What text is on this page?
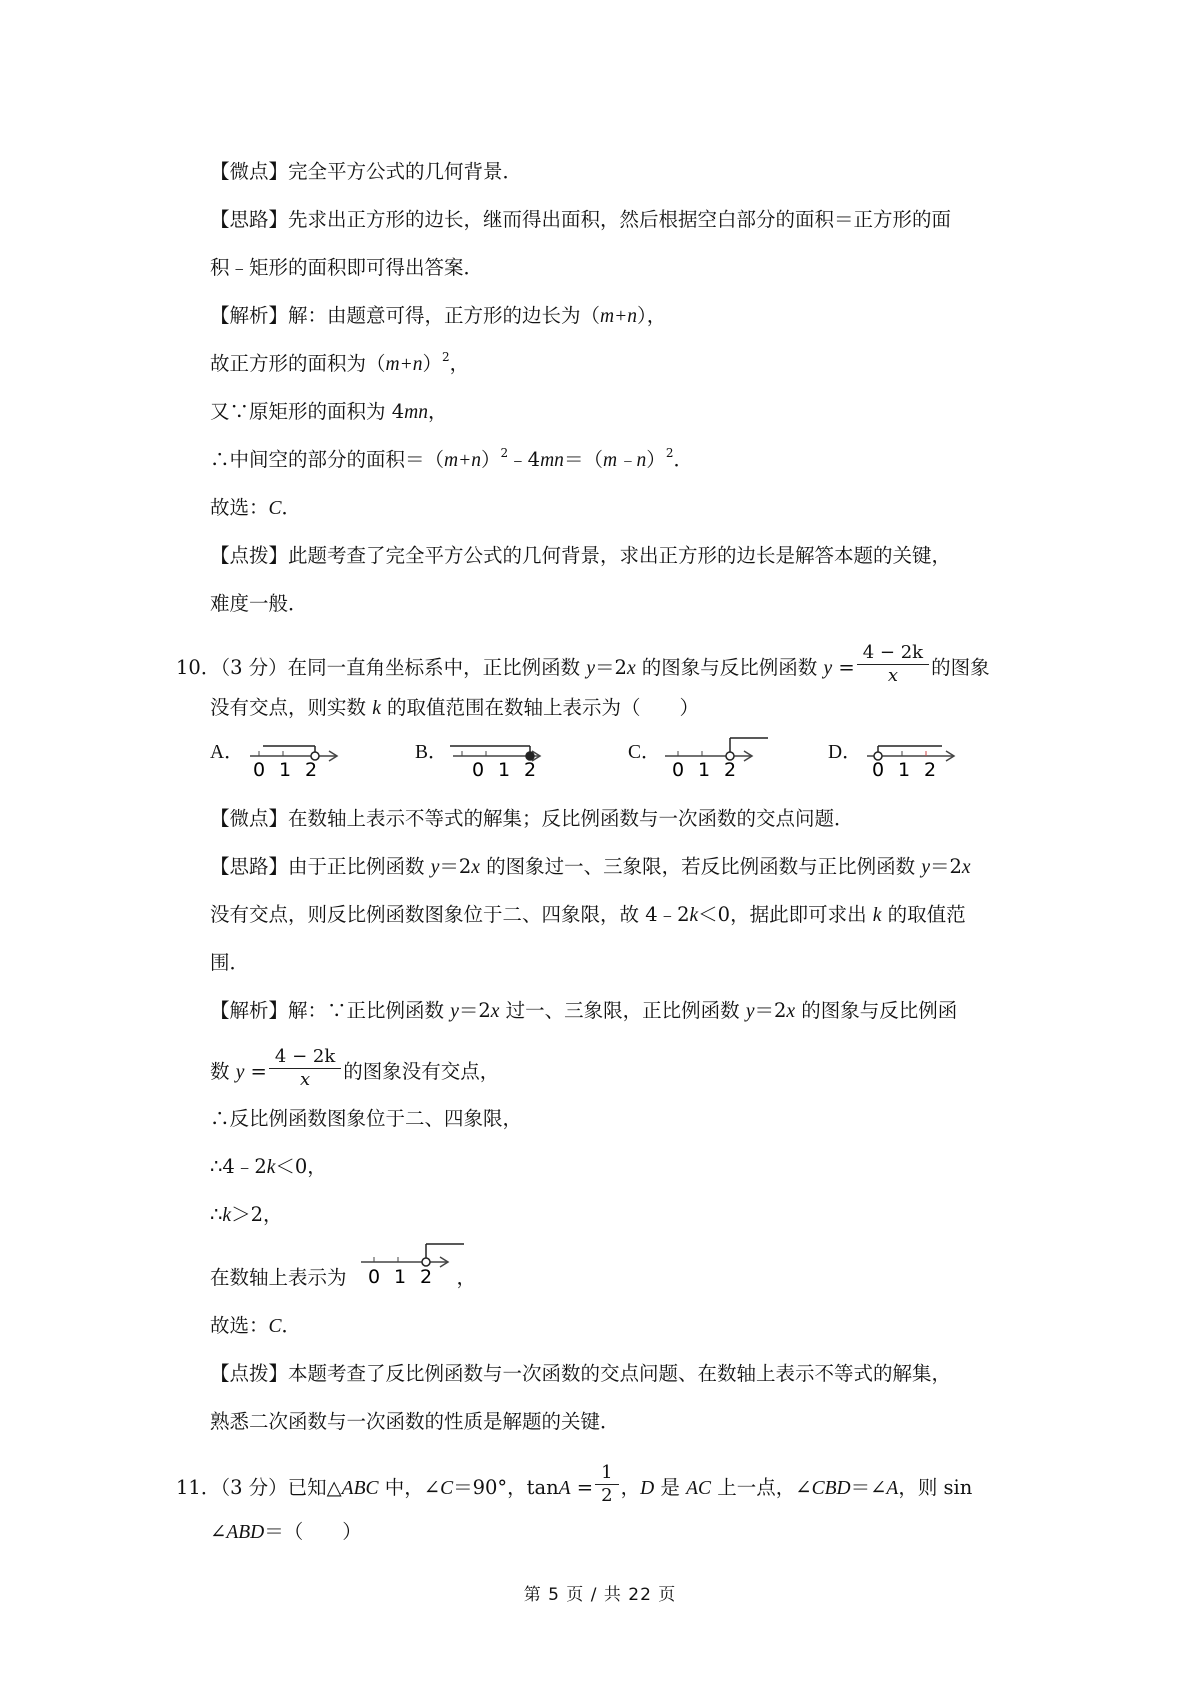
【微点】完全平方公式的几何背景．
【思路】先求出正方形的边长，继而得出面积，然后根据空白部分的面积＝正方形的面
积﹣矩形的面积即可得出答案．
【解析】解：由题意可得，正方形的边长为（m+n），
故正方形的面积为$(m+n)^2$，
又∵原矩形的面积为 4mn，
∴中间空的部分的面积$=(m+n)^2﹣4mn=(m﹣n)^2$．
故选：C．
【点拨】此题考查了完全平方公式的几何背景，求出正方形的边长是解答本题的关键，
难度一般．
10．（3 分）在同一直角坐标系中，正比例函数 y＝2x 的图象与反比例函数 $y = \frac{4 - 2k}{x}$ 的图象
没有交点，则实数 k 的取值范围在数轴上表示为（　　）
A．
0 1 2
B．
0 1 2
C．
0 1 2
D．
0 1 2
【微点】在数轴上表示不等式的解集；反比例函数与一次函数的交点问题．
【思路】由于正比例函数 y＝2x 的图象过一、三象限，若反比例函数与正比例函数 y＝2x
没有交点，则反比例函数图象位于二、四象限，故 4﹣2k＜0，据此即可求出 k 的取值范
围．
【解析】解：∵正比例函数 y＝2x 过一、三象限，正比例函数 y＝2x 的图象与反比例函
数 $y = \frac{4 - 2k}{x}$ 的图象没有交点，
∴反比例函数图象位于二、四象限，
∴4﹣2k＜0，
∴k＞2，
在数轴上表示为	，
0 1 2
故选：C．
【点拨】本题考查了反比例函数与一次函数的交点问题、在数轴上表示不等式的解集，
熟悉二次函数与一次函数的性质是解题的关键．
11．（3 分）已知△ABC 中，∠C＝90°，$\tan A = \frac{1}{2}$ ，D 是 AC 上一点，∠CBD＝∠A，则 sin
∠ABD＝（　　）
第 5 页 / 共 22 页
